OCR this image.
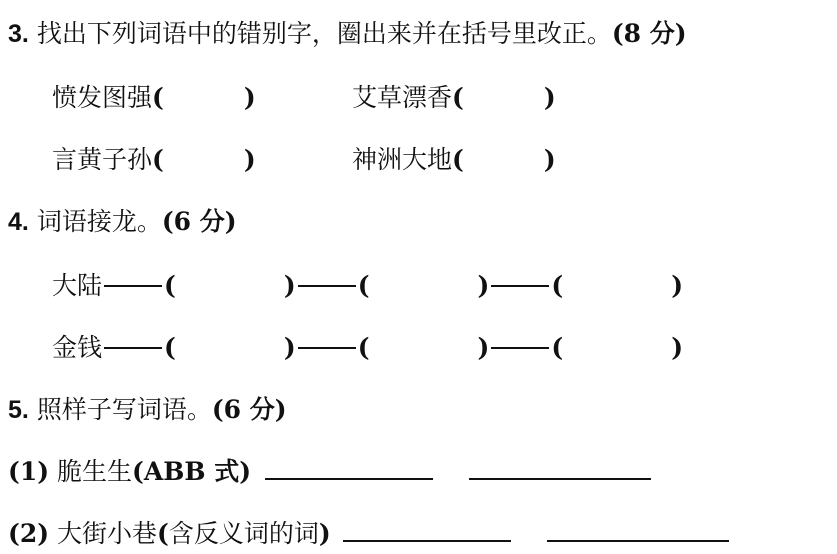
3. 找出下列词语中的错别字，圈出来并在括号里改正。(8 分)
愤发图强(	)	艾草漂香(	)
言黄子孙(	)	神洲大地(	)
4. 词语接龙。(6 分)
大陆 (	) (	) (	)
金钱 (	) (	) (	)
5. 照样子写词语。(6 分)
(1) 脆生生(ABB 式)
(2) 大街小巷(含反义词的词)
